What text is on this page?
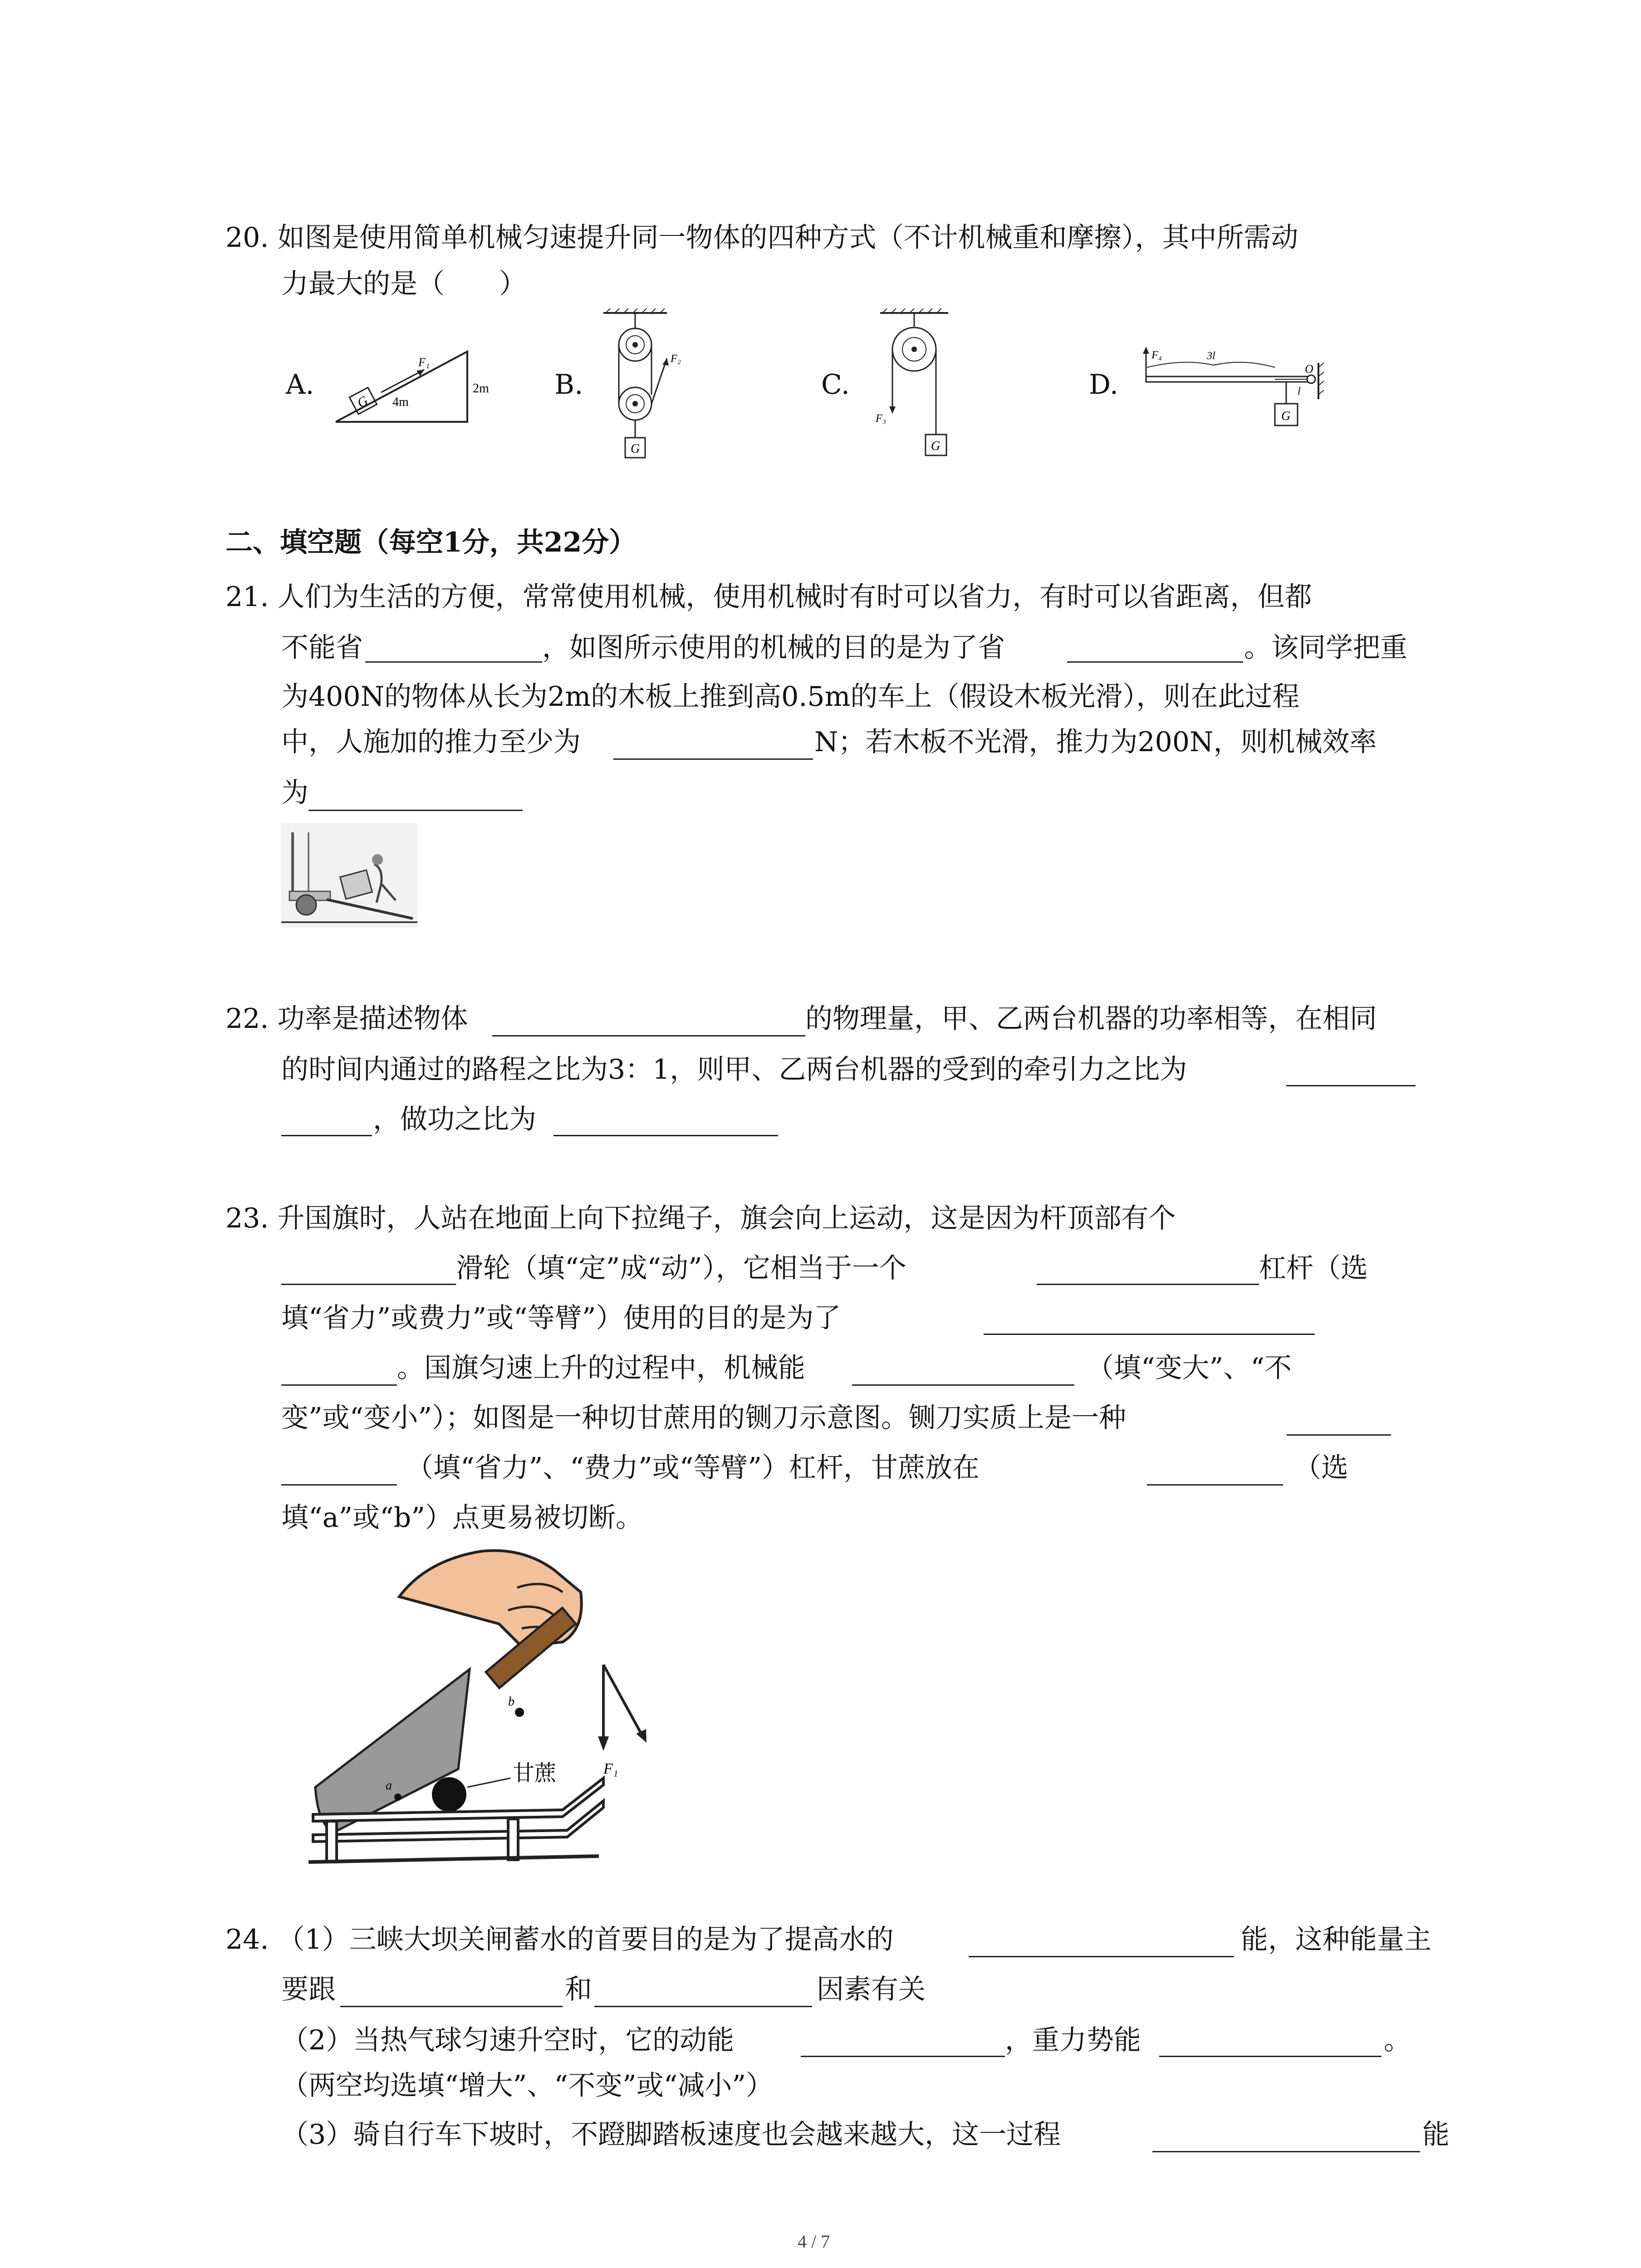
20. 如图是使用简单机械匀速提升同一物体的四种方式（不计机械重和摩擦），其中所需动
力最大的是（　　）
A.	B.	C.	D.
G
F₁
4m
2m
F₂
G
F₃
G
F₄	3l
O
l
G
二、填空题（每空1分，共22分）
21. 人们为生活的方便，常常使用机械，使用机械时有时可以省力，有时可以省距离，但都
不能省	，如图所示使用的机械的目的是为了省	。该同学把重
为400N的物体从长为2m的木板上推到高0.5m的车上（假设木板光滑），则在此过程
中，人施加的推力至少为	N；若木板不光滑，推力为200N，则机械效率
为
22. 功率是描述物体	的物理量，甲、乙两台机器的功率相等，在相同
的时间内通过的路程之比为3：1，则甲、乙两台机器的受到的牵引力之比为
，做功之比为
23. 升国旗时，人站在地面上向下拉绳子，旗会向上运动，这是因为杆顶部有个
滑轮（填“定”成“动”），它相当于一个	杠杆（选
填“省力”或费力”或“等臂”）使用的目的是为了
。国旗匀速上升的过程中，机械能	（填“变大”、“不
变”或“变小”）；如图是一种切甘蔗用的铡刀示意图。铡刀实质上是一种
（填“省力”、“费力”或“等臂”）杠杆，甘蔗放在	（选
填“a”或“b”）点更易被切断。
a
b
F₁
甘蔗
24. （1）三峡大坝关闸蓄水的首要目的是为了提高水的	能，这种能量主
要跟	和	因素有关
（2）当热气球匀速升空时，它的动能	，重力势能	。
（两空均选填“增大”、“不变”或“减小”）
（3）骑自行车下坡时，不蹬脚踏板速度也会越来越大，这一过程	能
4 / 7
